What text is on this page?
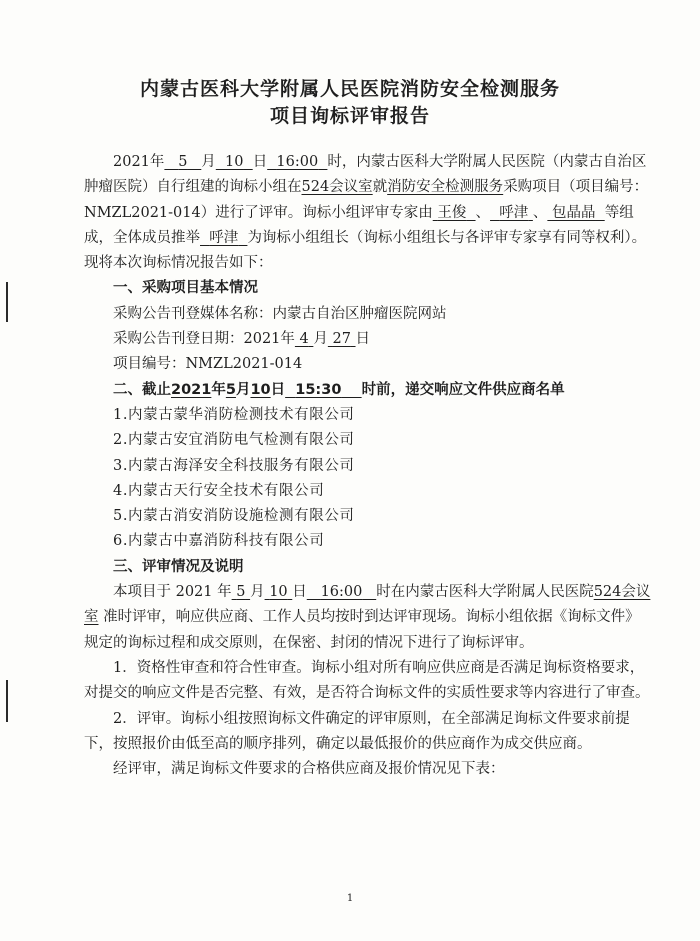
内蒙古医科大学附属人民医院消防安全检测服务
项目询标评审报告

2021年 5 月 10 日 16:00 时，内蒙古医科大学附属人民医院（内蒙古自治区肿瘤医院）自行组建的询标小组在524会议室就消防安全检测服务采购项目（项目编号：NMZL2021-014）进行了评审。询标小组评审专家由 王俊 、 呼津 、 包晶晶 等组成，全体成员推举 呼津 为询标小组组长（询标小组组长与各评审专家享有同等权利）。现将本次询标情况报告如下：

一、采购项目基本情况

采购公告刊登媒体名称：内蒙古自治区肿瘤医院网站

采购公告刊登日期：2021年 4 月 27 日

项目编号：NMZL2021-014

二、截止2021年5月10日 15:30 时前，递交响应文件供应商名单

1.内蒙古蒙华消防检测技术有限公司

2.内蒙古安宜消防电气检测有限公司

3.内蒙古海泽安全科技服务有限公司

4.内蒙古天行安全技术有限公司

5.内蒙古消安消防设施检测有限公司

6.内蒙古中嘉消防科技有限公司

三、评审情况及说明

本项目于 2021 年 5 月 10 日 16:00 时在内蒙古医科大学附属人民医院524会议室 准时评审，响应供应商、工作人员均按时到达评审现场。询标小组依据《询标文件》规定的询标过程和成交原则，在保密、封闭的情况下进行了询标评审。

1．资格性审查和符合性审查。询标小组对所有响应供应商是否满足询标资格要求，对提交的响应文件是否完整、有效，是否符合询标文件的实质性要求等内容进行了审查。

2．评审。询标小组按照询标文件确定的评审原则，在全部满足询标文件要求前提下，按照报价由低至高的顺序排列，确定以最低报价的供应商作为成交供应商。

经评审，满足询标文件要求的合格供应商及报价情况见下表：

1
